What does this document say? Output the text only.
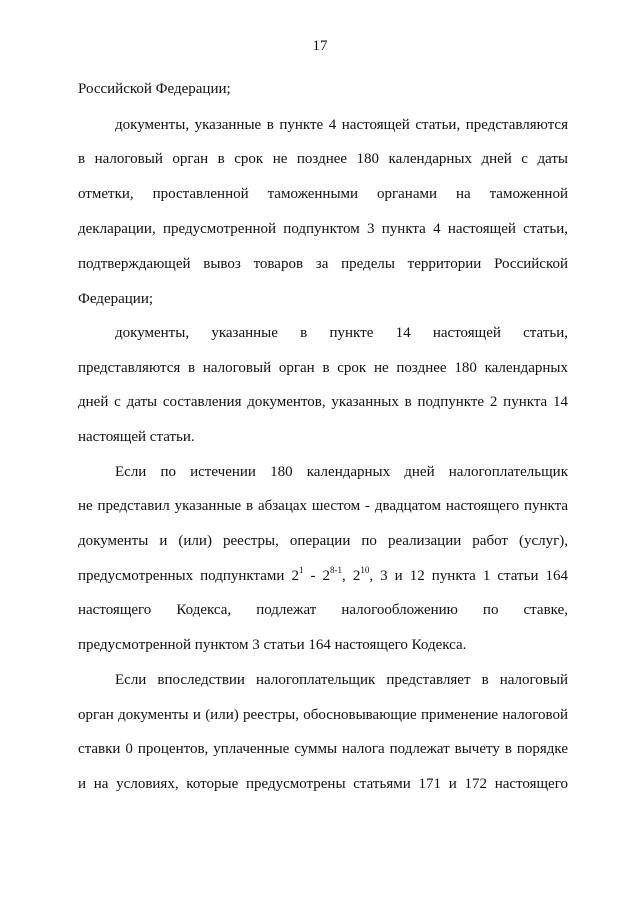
17
Российской Федерации;
документы, указанные в пункте 4 настоящей статьи, представляются
в налоговый орган в срок не позднее 180 календарных дней с даты
отметки, проставленной таможенными органами на таможенной
декларации, предусмотренной подпунктом 3 пункта 4 настоящей статьи,
подтверждающей вывоз товаров за пределы территории Российской
Федерации;
документы, указанные в пункте 14 настоящей статьи,
представляются в налоговый орган в срок не позднее 180 календарных
дней с даты составления документов, указанных в подпункте 2 пункта 14
настоящей статьи.
Если по истечении 180 календарных дней налогоплательщик
не представил указанные в абзацах шестом - двадцатом настоящего пункта
документы и (или) реестры, операции по реализации работ (услуг),
предусмотренных подпунктами $2^1 - 2^{8-1}$, $2^{10}$, 3 и 12 пункта 1 статьи 164
настоящего Кодекса, подлежат налогообложению по ставке,
предусмотренной пунктом 3 статьи 164 настоящего Кодекса.
Если впоследствии налогоплательщик представляет в налоговый
орган документы и (или) реестры, обосновывающие применение налоговой
ставки 0 процентов, уплаченные суммы налога подлежат вычету в порядке
и на условиях, которые предусмотрены статьями 171 и 172 настоящего
